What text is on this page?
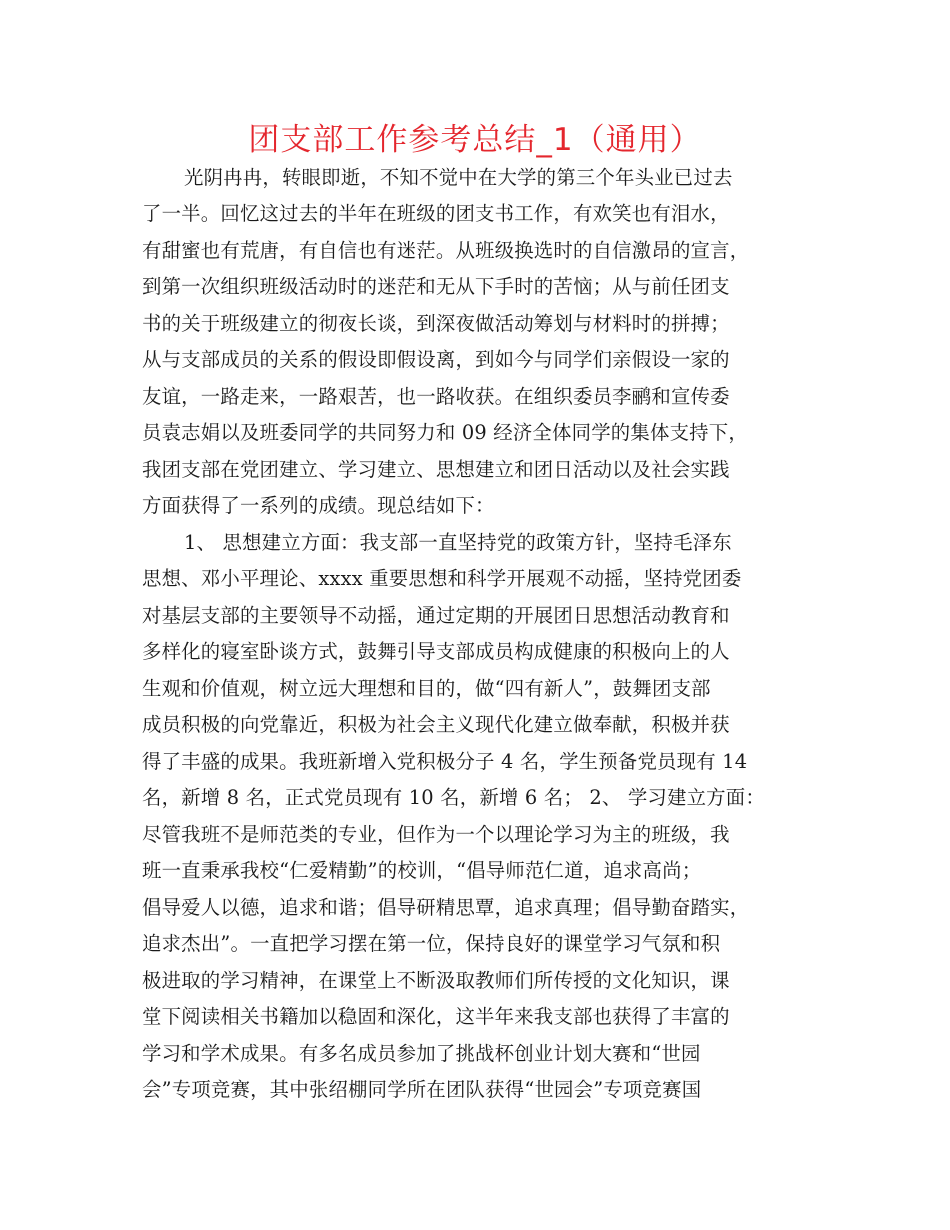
团支部工作参考总结_1（通用）
光阴冉冉，转眼即逝，不知不觉中在大学的第三个年头业已过去
了一半。回忆这过去的半年在班级的团支书工作，有欢笑也有泪水，
有甜蜜也有荒唐，有自信也有迷茫。从班级换选时的自信激昂的宣言，
到第一次组织班级活动时的迷茫和无从下手时的苦恼；从与前任团支
书的关于班级建立的彻夜长谈，到深夜做活动筹划与材料时的拼搏；
从与支部成员的关系的假设即假设离，到如今与同学们亲假设一家的
友谊，一路走来，一路艰苦，也一路收获。在组织委员李鹂和宣传委
员袁志娟以及班委同学的共同努力和 09 经济全体同学的集体支持下，
我团支部在党团建立、学习建立、思想建立和团日活动以及社会实践
方面获得了一系列的成绩。现总结如下：
1、 思想建立方面：我支部一直坚持党的政策方针，坚持毛泽东
思想、邓小平理论、xxxx 重要思想和科学开展观不动摇，坚持党团委
对基层支部的主要领导不动摇，通过定期的开展团日思想活动教育和
多样化的寝室卧谈方式，鼓舞引导支部成员构成健康的积极向上的人
生观和价值观，树立远大理想和目的，做“四有新人”，鼓舞团支部
成员积极的向党靠近，积极为社会主义现代化建立做奉献，积极并获
得了丰盛的成果。我班新增入党积极分子 4 名，学生预备党员现有 14
名，新增 8 名，正式党员现有 10 名，新增 6 名； 2、 学习建立方面：
尽管我班不是师范类的专业，但作为一个以理论学习为主的班级，我
班一直秉承我校“仁爱精勤”的校训，“倡导师范仁道，追求高尚；
倡导爱人以德，追求和谐；倡导研精思覃，追求真理；倡导勤奋踏实，
追求杰出”。一直把学习摆在第一位，保持良好的课堂学习气氛和积
极进取的学习精神，在课堂上不断汲取教师们所传授的文化知识，课
堂下阅读相关书籍加以稳固和深化，这半年来我支部也获得了丰富的
学习和学术成果。有多名成员参加了挑战杯创业计划大赛和“世园
会”专项竞赛，其中张绍棚同学所在团队获得“世园会”专项竞赛国
